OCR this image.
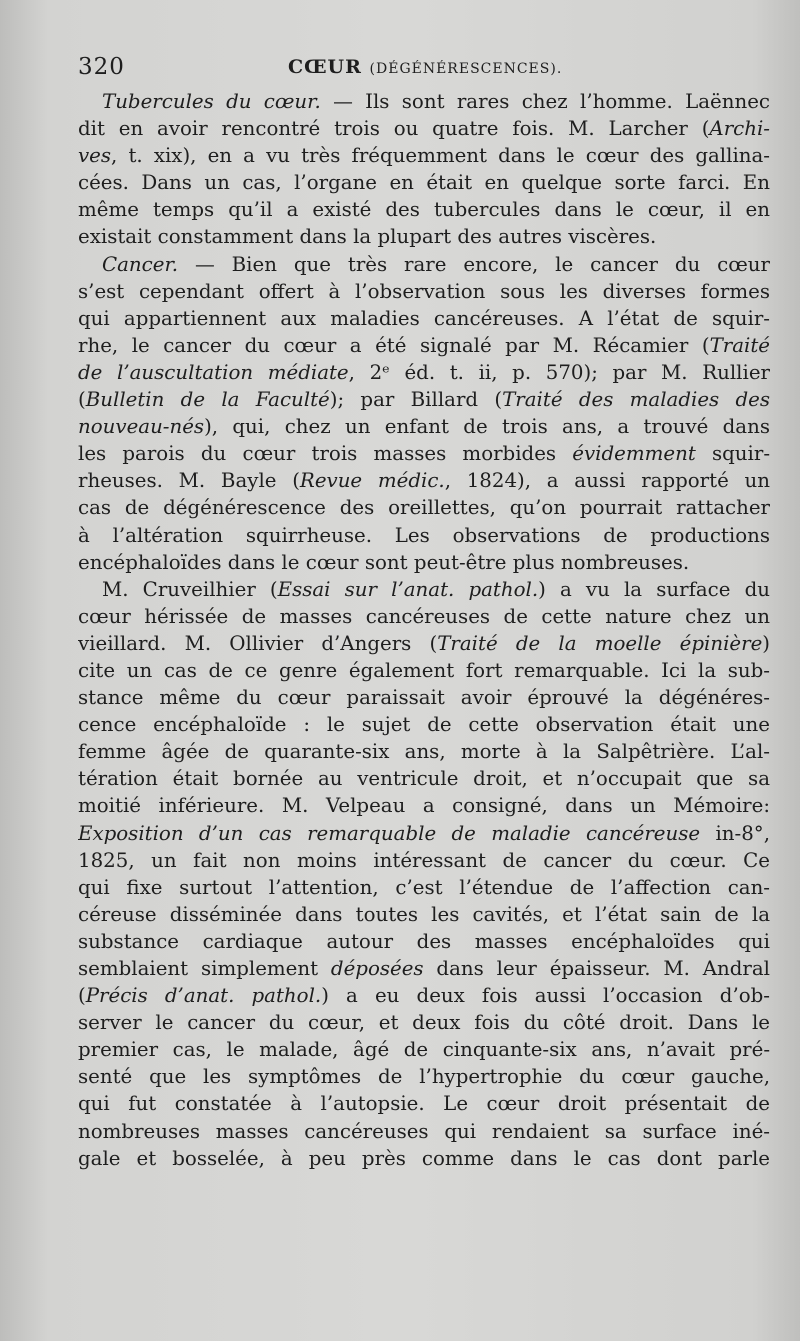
320	CŒUR (DÉGÉNÉRESCENCES).
Tubercules du cœur. — Ils sont rares chez l’homme. Laënnec
dit en avoir rencontré trois ou quatre fois. M. Larcher (Archi-
ves, t. xix), en a vu très fréquemment dans le cœur des gallina-
cées. Dans un cas, l’organe en était en quelque sorte farci. En
même temps qu’il a existé des tubercules dans le cœur, il en
existait constamment dans la plupart des autres viscères.
Cancer. — Bien que très rare encore, le cancer du cœur
s’est cependant offert à l’observation sous les diverses formes
qui appartiennent aux maladies cancéreuses. A l’état de squir-
rhe, le cancer du cœur a été signalé par M. Récamier (Traité
de l’auscultation médiate, 2ᵉ éd. t. ii, p. 570); par M. Rullier
(Bulletin de la Faculté); par Billard (Traité des maladies des
nouveau-nés), qui, chez un enfant de trois ans, a trouvé dans
les parois du cœur trois masses morbides évidemment squir-
rheuses. M. Bayle (Revue médic., 1824), a aussi rapporté un
cas de dégénérescence des oreillettes, qu’on pourrait rattacher
à l’altération squirrheuse. Les observations de productions
encéphaloïdes dans le cœur sont peut-être plus nombreuses.
M. Cruveilhier (Essai sur l’anat. pathol.) a vu la surface du
cœur hérissée de masses cancéreuses de cette nature chez un
vieillard. M. Ollivier d’Angers (Traité de la moelle épinière)
cite un cas de ce genre également fort remarquable. Ici la sub-
stance même du cœur paraissait avoir éprouvé la dégénéres-
cence encéphaloïde : le sujet de cette observation était une
femme âgée de quarante-six ans, morte à la Salpêtrière. L’al-
tération était bornée au ventricule droit, et n’occupait que sa
moitié inférieure. M. Velpeau a consigné, dans un Mémoire:
Exposition d’un cas remarquable de maladie cancéreuse in-8°,
1825, un fait non moins intéressant de cancer du cœur. Ce
qui fixe surtout l’attention, c’est l’étendue de l’affection can-
céreuse disséminée dans toutes les cavités, et l’état sain de la
substance cardiaque autour des masses encéphaloïdes qui
semblaient simplement déposées dans leur épaisseur. M. Andral
(Précis d’anat. pathol.) a eu deux fois aussi l’occasion d’ob-
server le cancer du cœur, et deux fois du côté droit. Dans le
premier cas, le malade, âgé de cinquante-six ans, n’avait pré-
senté que les symptômes de l’hypertrophie du cœur gauche,
qui fut constatée à l’autopsie. Le cœur droit présentait de
nombreuses masses cancéreuses qui rendaient sa surface iné-
gale et bosselée, à peu près comme dans le cas dont parle
